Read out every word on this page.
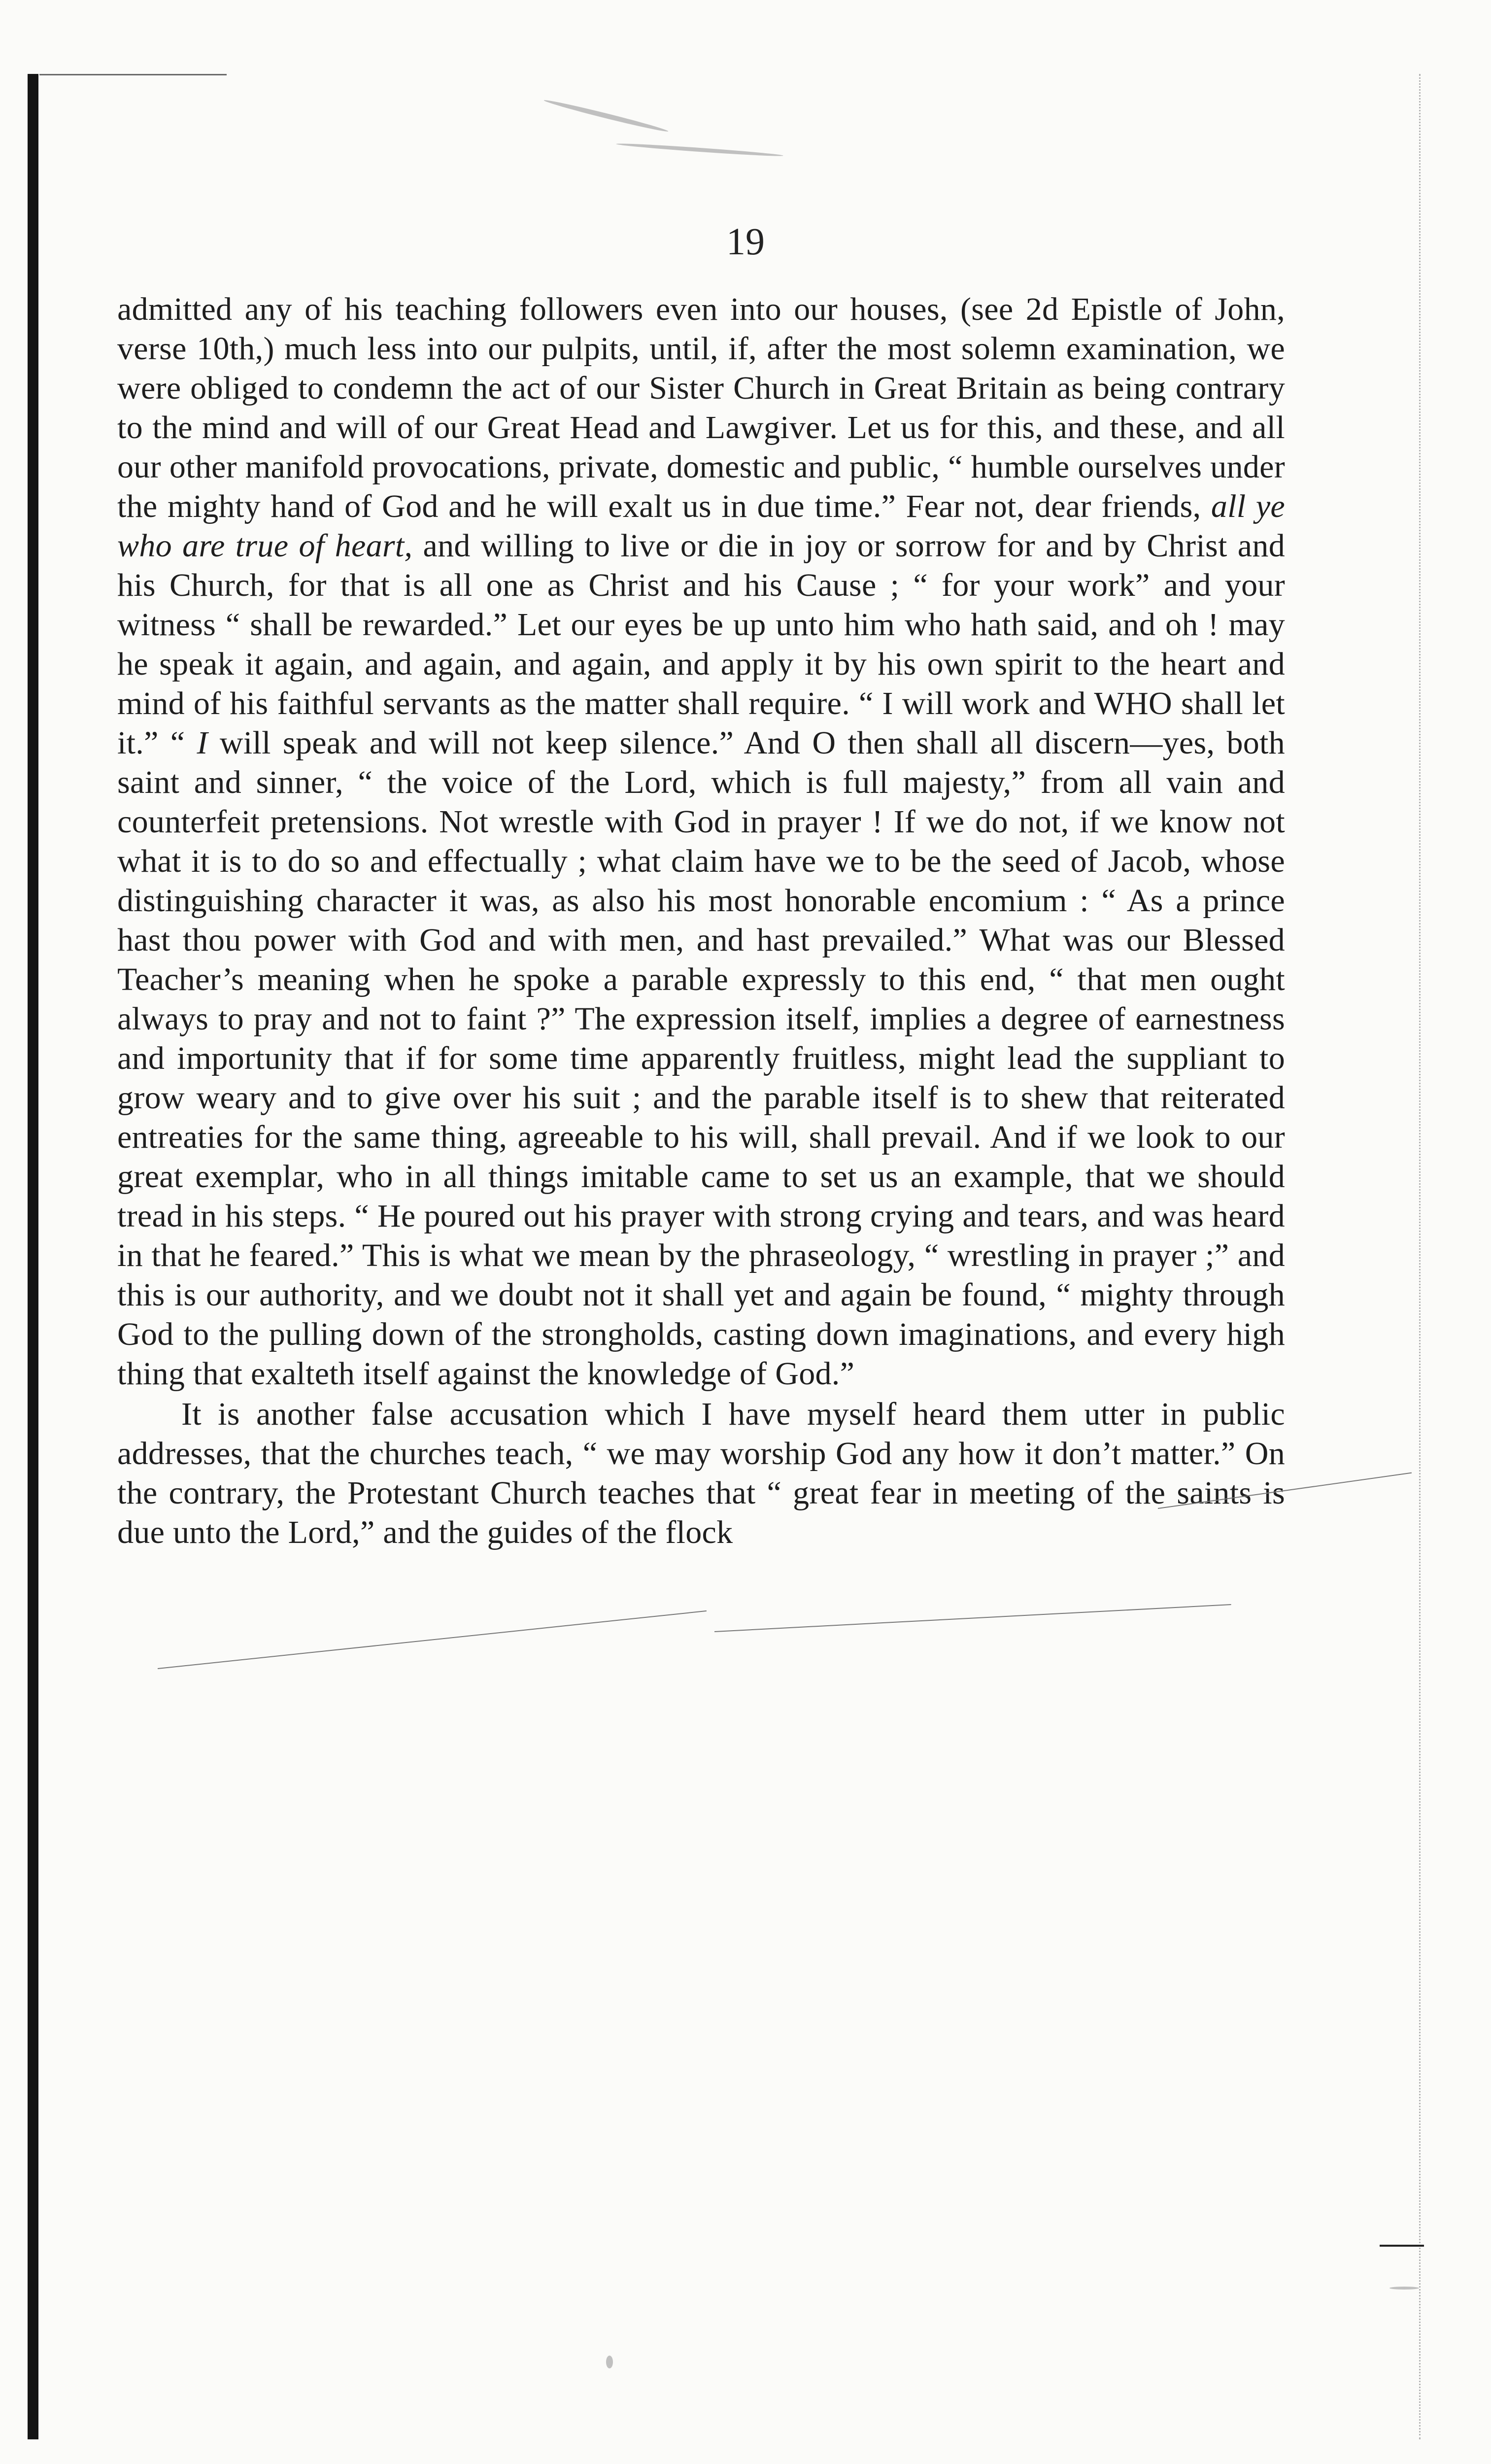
19

admitted any of his teaching followers even into our houses, (see 2d Epistle of John, verse 10th,) much less into our pulpits, until, if, after the most solemn examination, we were obliged to condemn the act of our Sister Church in Great Britain as being contrary to the mind and will of our Great Head and Lawgiver. Let us for this, and these, and all our other manifold provocations, private, domestic and public, “ humble ourselves under the mighty hand of God and he will exalt us in due time.” Fear not, dear friends, all ye who are true of heart, and willing to live or die in joy or sorrow for and by Christ and his Church, for that is all one as Christ and his Cause ; “ for your work” and your witness “ shall be rewarded.” Let our eyes be up unto him who hath said, and oh ! may he speak it again, and again, and again, and apply it by his own spirit to the heart and mind of his faithful servants as the matter shall require. “ I will work and WHO shall let it.” “ I will speak and will not keep silence.” And O then shall all discern—yes, both saint and sinner, “ the voice of the Lord, which is full majesty,” from all vain and counterfeit pretensions. Not wrestle with God in prayer ! If we do not, if we know not what it is to do so and effectually ; what claim have we to be the seed of Jacob, whose distinguishing character it was, as also his most honorable encomium : “ As a prince hast thou power with God and with men, and hast prevailed.” What was our Blessed Teacher’s meaning when he spoke a parable expressly to this end, “ that men ought always to pray and not to faint ?” The expression itself, implies a degree of earnestness and importunity that if for some time apparently fruitless, might lead the suppliant to grow weary and to give over his suit ; and the parable itself is to shew that reiterated entreaties for the same thing, agreeable to his will, shall prevail. And if we look to our great exemplar, who in all things imitable came to set us an example, that we should tread in his steps. “ He poured out his prayer with strong crying and tears, and was heard in that he feared.” This is what we mean by the phraseology, “ wrestling in prayer ;” and this is our authority, and we doubt not it shall yet and again be found, “ mighty through God to the pulling down of the strongholds, casting down imaginations, and every high thing that exalteth itself against the knowledge of God.”

It is another false accusation which I have myself heard them utter in public addresses, that the churches teach, “ we may worship God any how it don’t matter.” On the contrary, the Protestant Church teaches that “ great fear in meeting of the saints is due unto the Lord,” and the guides of the flock
